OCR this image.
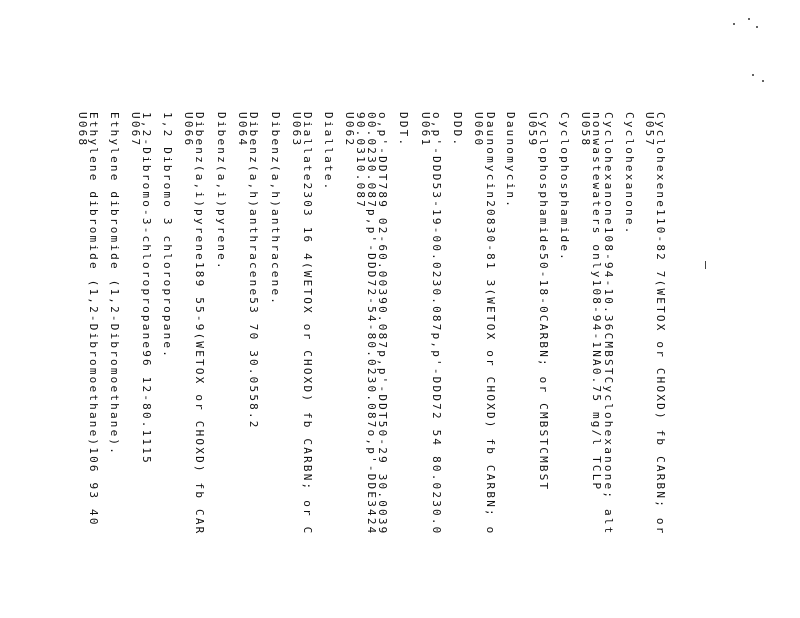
Cyclohexene110-82 7(WETOX or CHOXD) fb CARBN; or
U057
Cyclohexanone.
Cyclohexanone108-94-10.36CMBSTCyclohexanone; alt
nonwastewaters only108-94-1NA0.75 mg/l TCLP
U058
Cyclophosphamide.
Cyclophosphamide50-18-0CARBN; or CMBSTCMBST
U059
Daunomycin.
Daunomycin20830-81 3(WETOX or CHOXD) fb CARBN; o
U060
DDD.
o,p'-DDD53-19-00.0230.087p,p'-DDD72 54 80.0230.0
U061
DDT.
o,p'-DDT789 02-60.00390.087p,p'-DDT50-29 30.0039
00.0230.087p,p'-DDD72-54-80.0230.087o,p'-DDE3424
90.0310.087
U062
Diallate.
Diallate2303 16 4(WETOX or CHOXD) fb CARBN; or C
U063
Dibenz(a,h)anthracene.
Dibenz(a,h)anthracene53 70 30.0558.2
U064
Dibenz(a,i)pyrene.
Dibenz(a,i)pyrene189 55-9(WETOX or CHOXD) fb CAR
U066
1,2 Dibromo 3 chloropropane.
1,2-Dibromo-3-chloropropane96 12-80.1115
U067
Ethylene dibromide (1,2-Dibromoethane).
Ethylene dibromide (1,2-Dibromoethane)106 93 40
U068
